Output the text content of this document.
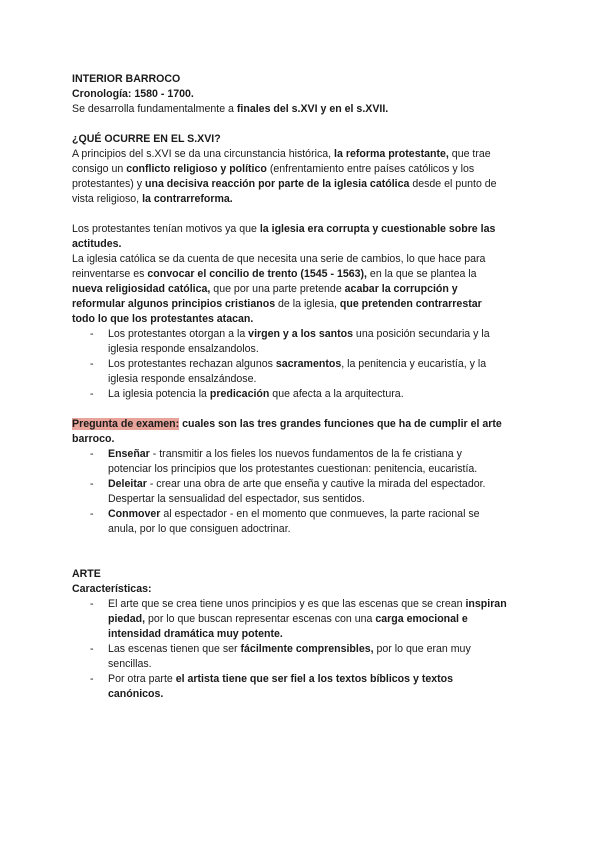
INTERIOR BARROCO
Cronología: 1580 - 1700.
Se desarrolla fundamentalmente a finales del s.XVI y en el s.XVII.
¿QUÉ OCURRE EN EL S.XVI?
A principios del s.XVI se da una circunstancia histórica, la reforma protestante, que trae
consigo un conflicto religioso y político (enfrentamiento entre países católicos y los
protestantes) y una decisiva reacción por parte de la iglesia católica desde el punto de
vista religioso, la contrarreforma.
Los protestantes tenían motivos ya que la iglesia era corrupta y cuestionable sobre las
actitudes.
La iglesia católica se da cuenta de que necesita una serie de cambios, lo que hace para
reinventarse es convocar el concilio de trento (1545 - 1563), en la que se plantea la
nueva religiosidad católica, que por una parte pretende acabar la corrupción y
reformular algunos principios cristianos de la iglesia, que pretenden contrarrestar
todo lo que los protestantes atacan.
- Los protestantes otorgan a la virgen y a los santos una posición secundaria y la
iglesia responde ensalzandolos.
- Los protestantes rechazan algunos sacramentos, la penitencia y eucaristía, y la
iglesia responde ensalzándose.
- La iglesia potencia la predicación que afecta a la arquitectura.
Pregunta de examen: cuales son las tres grandes funciones que ha de cumplir el arte
barroco.
- Enseñar - transmitir a los fieles los nuevos fundamentos de la fe cristiana y
potenciar los principios que los protestantes cuestionan: penitencia, eucaristía.
- Deleitar - crear una obra de arte que enseña y cautive la mirada del espectador.
Despertar la sensualidad del espectador, sus sentidos.
- Conmover al espectador - en el momento que conmueves, la parte racional se
anula, por lo que consiguen adoctrinar.
ARTE
Características:
- El arte que se crea tiene unos principios y es que las escenas que se crean inspiran
piedad, por lo que buscan representar escenas con una carga emocional e
intensidad dramática muy potente.
- Las escenas tienen que ser fácilmente comprensibles, por lo que eran muy
sencillas.
- Por otra parte el artista tiene que ser fiel a los textos bíblicos y textos
canónicos.
